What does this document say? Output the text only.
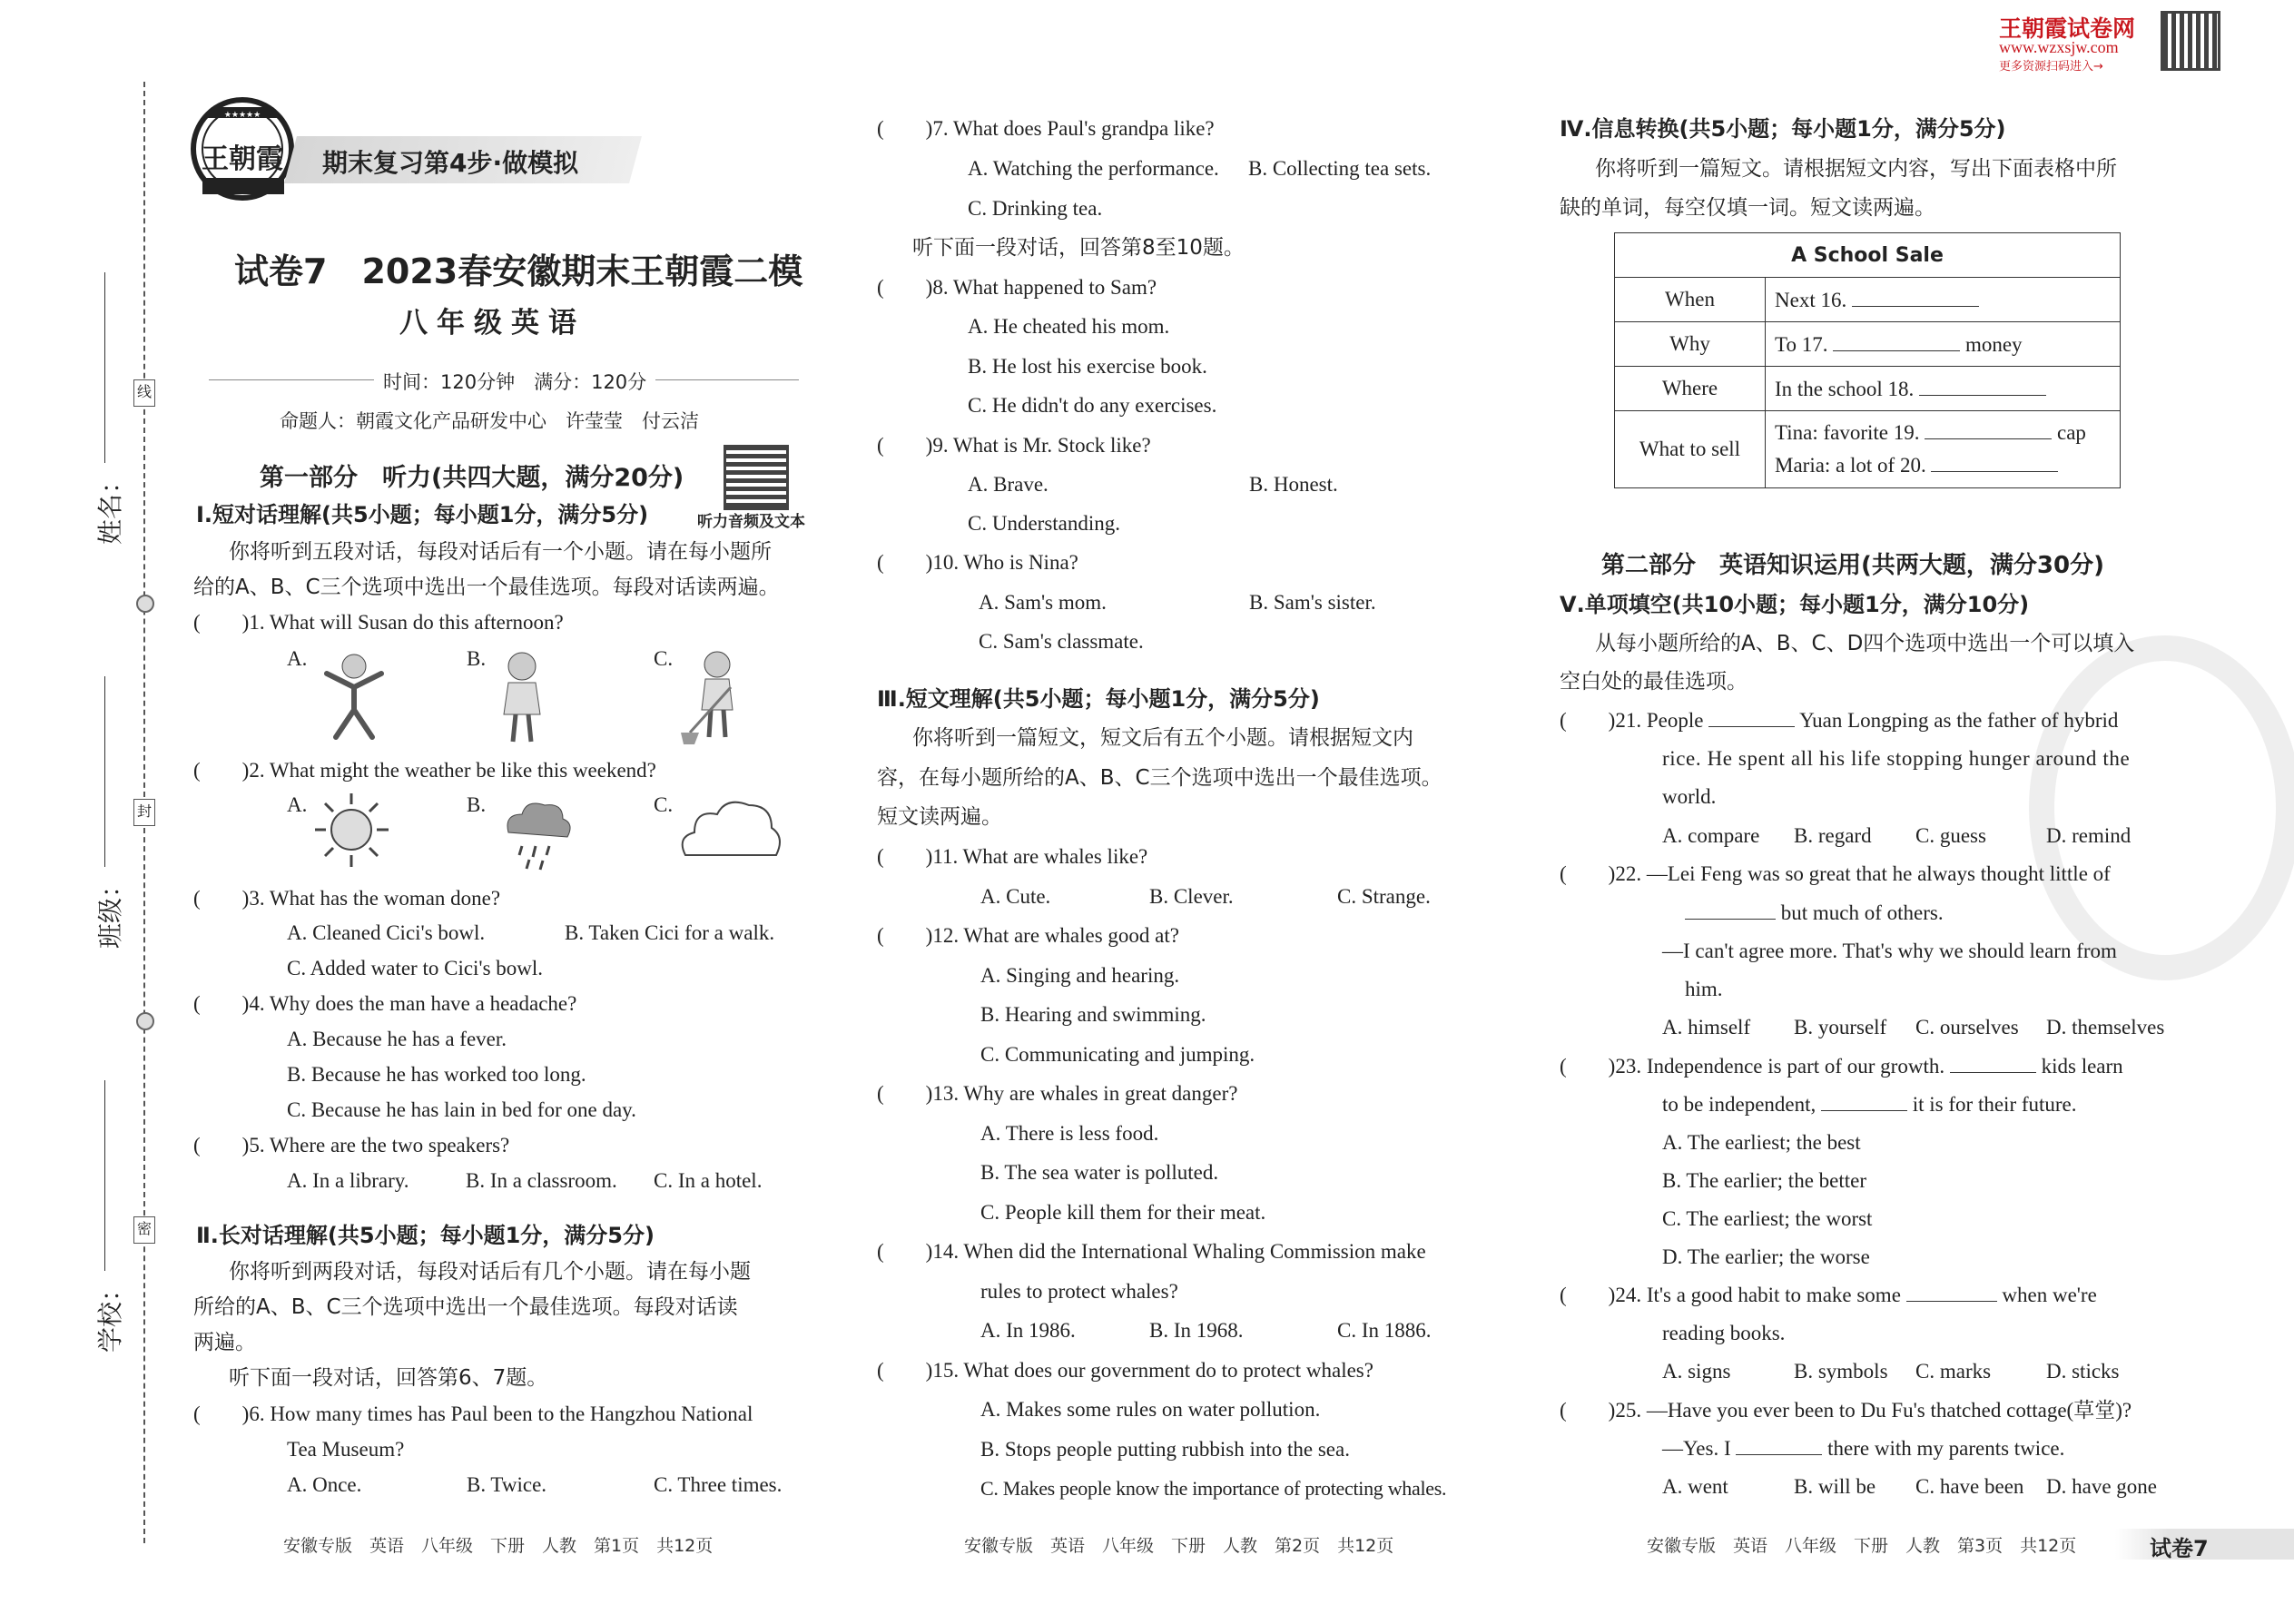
线
封
密
姓名：
班级：
学校：
★★★★★
王朝霞 期末复习第4步·做模拟
试卷7　2023春安徽期末王朝霞二模
八年级英语
时间：120分钟　满分：120分
命题人：朝霞文化产品研发中心　许莹莹　付云洁
第一部分　听力(共四大题，满分20分)
听力音频及文本
Ⅰ.短对话理解(共5小题；每小题1分，满分5分)
你将听到五段对话，每段对话后有一个小题。请在每小题所
给的A、B、C三个选项中选出一个最佳选项。每段对话读两遍。
(　　)1. What will Susan do this afternoon?
A.	B.	C.
(　　)2. What might the weather be like this weekend?
A.	B.	C.
(　　)3. What has the woman done?
A. Cleaned Cici's bowl.	B. Taken Cici for a walk.
C. Added water to Cici's bowl.
(　　)4. Why does the man have a headache?
A. Because he has a fever.
B. Because he has worked too long.
C. Because he has lain in bed for one day.
(　　)5. Where are the two speakers?
A. In a library.	B. In a classroom. C. In a hotel.
Ⅱ.长对话理解(共5小题；每小题1分，满分5分)
你将听到两段对话，每段对话后有几个小题。请在每小题
所给的A、B、C三个选项中选出一个最佳选项。每段对话读
两遍。
听下面一段对话，回答第6、7题。
(　　)6. How many times has Paul been to the Hangzhou National
Tea Museum?
A. Once.	B. Twice.	C. Three times.
安徽专版　英语　八年级　下册　人教　第1页　共12页
(　　)7. What does Paul's grandpa like?
A. Watching the performance. B. Collecting tea sets.
C. Drinking tea.
听下面一段对话，回答第8至10题。
(　　)8. What happened to Sam?
A. He cheated his mom.
B. He lost his exercise book.
C. He didn't do any exercises.
(　　)9. What is Mr. Stock like?
A. Brave.	B. Honest.
C. Understanding.
(　　)10. Who is Nina?
A. Sam's mom.	B. Sam's sister.
C. Sam's classmate.
Ⅲ.短文理解(共5小题；每小题1分，满分5分)
你将听到一篇短文，短文后有五个小题。请根据短文内
容，在每小题所给的A、B、C三个选项中选出一个最佳选项。
短文读两遍。
(　　)11. What are whales like?
A. Cute.	B. Clever.	C. Strange.
(　　)12. What are whales good at?
A. Singing and hearing.
B. Hearing and swimming.
C. Communicating and jumping.
(　　)13. Why are whales in great danger?
A. There is less food.
B. The sea water is polluted.
C. People kill them for their meat.
(　　)14. When did the International Whaling Commission make
rules to protect whales?
A. In 1986.	B. In 1968.	C. In 1886.
(　　)15. What does our government do to protect whales?
A. Makes some rules on water pollution.
B. Stops people putting rubbish into the sea.
C. Makes people know the importance of protecting whales.
安徽专版　英语　八年级　下册　人教　第2页　共12页
王朝霞试卷网
www.wzxsjw.com
更多资源扫码进入→
Ⅳ.信息转换(共5小题；每小题1分，满分5分)
你将听到一篇短文。请根据短文内容，写出下面表格中所
缺的单词，每空仅填一词。短文读两遍。
A School Sale	
When	Next 16.
Why	To 17. money
Where	In the school 18.
What to sell	Tina: favorite 19. cap
Maria: a lot of 20.
第二部分　英语知识运用(共两大题，满分30分)
Ⅴ.单项填空(共10小题；每小题1分，满分10分)
从每小题所给的A、B、C、D四个选项中选出一个可以填入
空白处的最佳选项。
(　　)21. People	Yuan Longping as the father of hybrid
rice. He spent all his life stopping hunger around the
world.
A. compare B. regard C. guess	D. remind
(　　)22. —Lei Feng was so great that he always thought little of
but much of others.
—I can't agree more. That's why we should learn from
him.
A. himself B. yourself C. ourselves D. themselves
(　　)23. Independence is part of our growth.	kids learn
to be independent,	it is for their future.
A. The earliest; the best
B. The earlier; the better
C. The earliest; the worst
D. The earlier; the worse
(　　)24. It's a good habit to make some	when we're
reading books.
A. signs	B. symbols C. marks	D. sticks
(　　)25. —Have you ever been to Du Fu's thatched cottage(草堂)?
—Yes. I	there with my parents twice.
A. went	B. will be C. have been D. have gone
安徽专版　英语　八年级　下册　人教　第3页　共12页	试卷7
